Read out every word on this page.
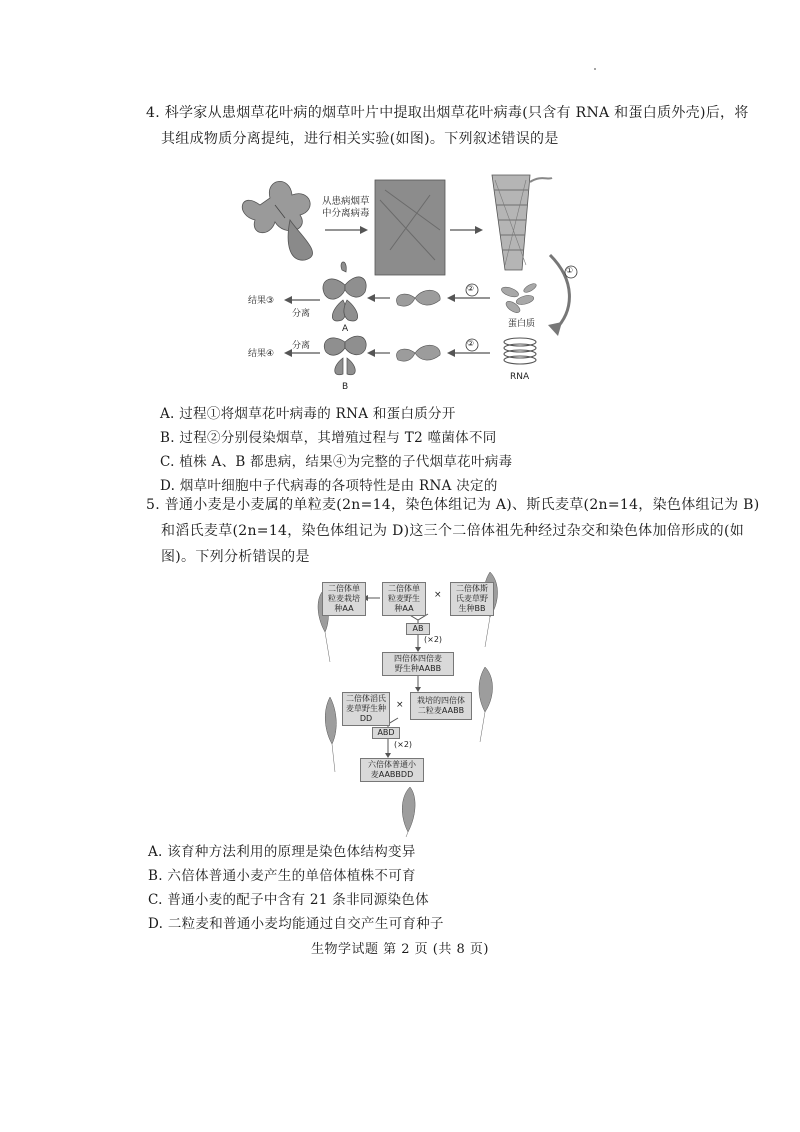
4. 科学家从患烟草花叶病的烟草叶片中提取出烟草花叶病毒(只含有 RNA 和蛋白质外壳)后，将
其组成物质分离提纯，进行相关实验(如图)。下列叙述错误的是
从患病烟草
中分离病毒
①
②
②
蛋白质
RNA
结果③
结果④
分离
分离
A
B
A. 过程①将烟草花叶病毒的 RNA 和蛋白质分开
B. 过程②分别侵染烟草，其增殖过程与 T2 噬菌体不同
C. 植株 A、B 都患病，结果④为完整的子代烟草花叶病毒
D. 烟草叶细胞中子代病毒的各项特性是由 RNA 决定的
5. 普通小麦是小麦属的单粒麦(2n=14，染色体组记为 A)、斯氏麦草(2n=14，染色体组记为 B)
和滔氏麦草(2n=14，染色体组记为 D)这三个二倍体祖先种经过杂交和染色体加倍形成的(如
图)。下列分析错误的是
二倍体单
粒麦栽培
种AA
二倍体单
粒麦野生
种AA
×
二倍体斯
氏麦草野
生种BB
AB
(×2)
四倍体四倍麦
野生种AABB
二倍体滔氏
麦草野生种
DD
× 栽培的四倍体
二粒麦AABB
ABD
(×2)
六倍体普通小
麦AABBDD
A. 该育种方法利用的原理是染色体结构变异
B. 六倍体普通小麦产生的单倍体植株不可育
C. 普通小麦的配子中含有 21 条非同源染色体
D. 二粒麦和普通小麦均能通过自交产生可育种子
生物学试题 第 2 页 (共 8 页)
